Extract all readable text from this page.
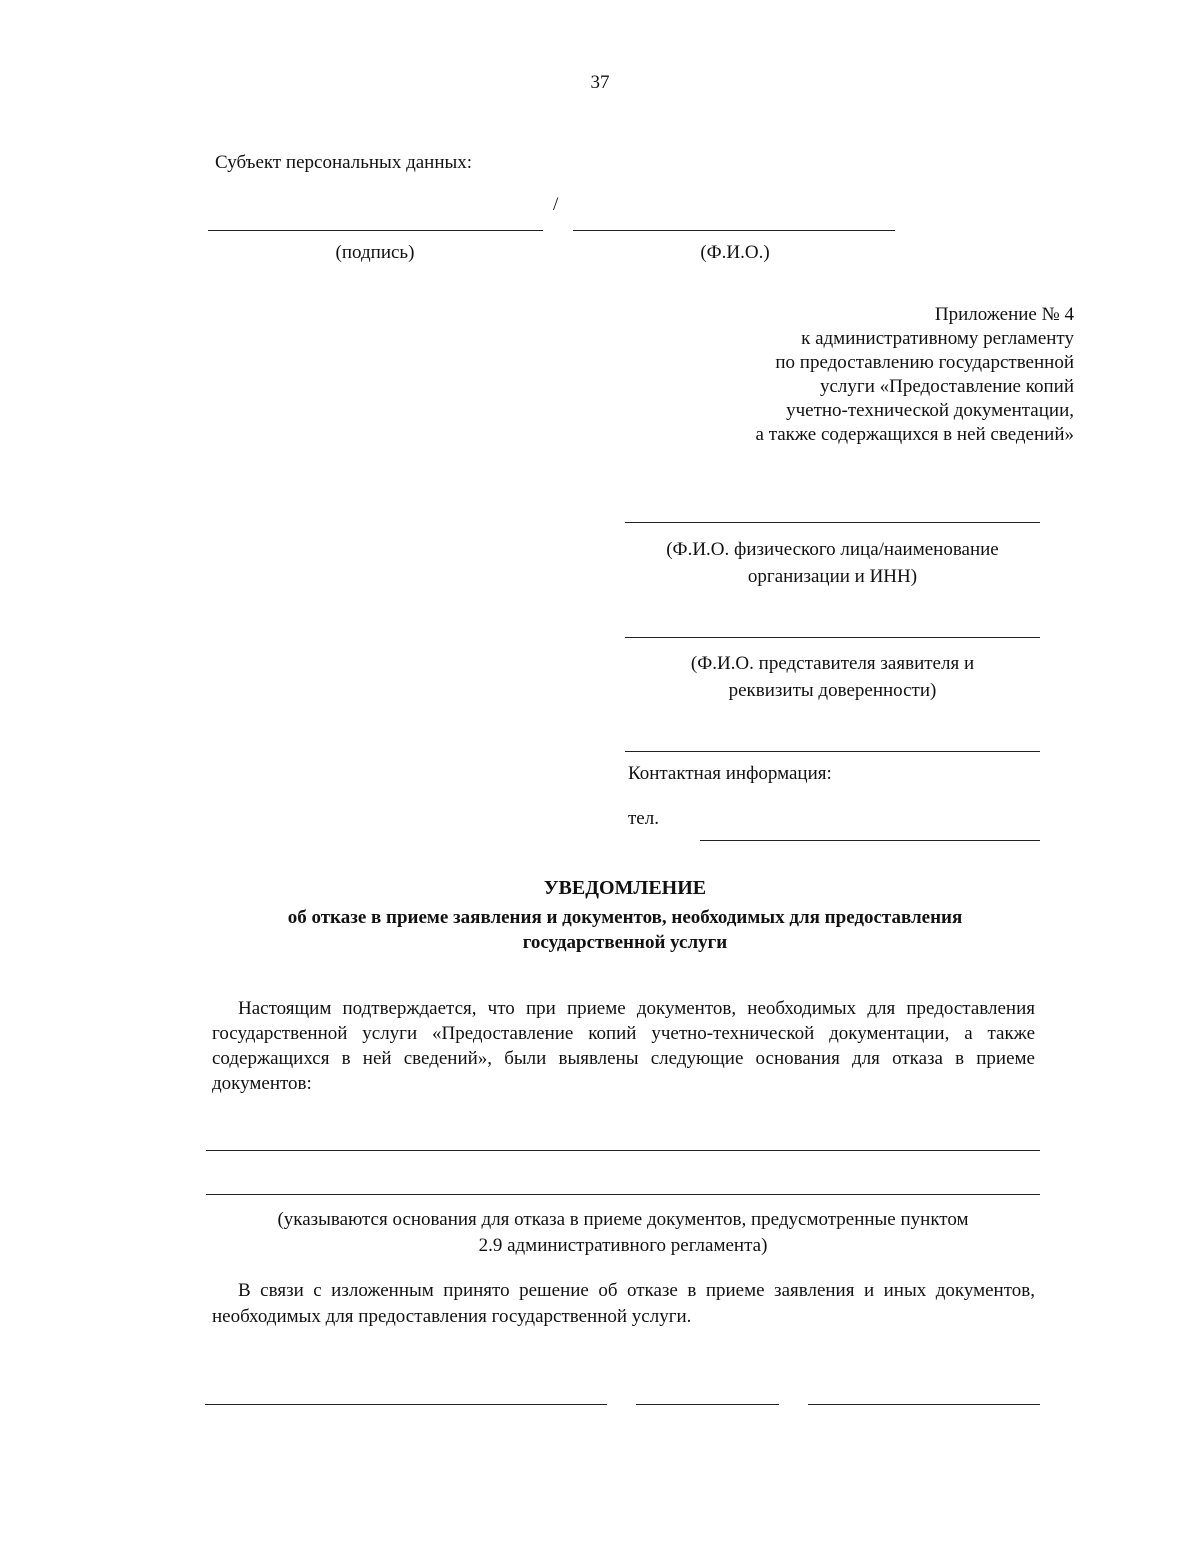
37
Субъект персональных данных:
/
(подпись)	(Ф.И.О.)
Приложение № 4
к административному регламенту
по предоставлению государственной
услуги «Предоставление копий
учетно-технической документации,
а также содержащихся в ней сведений»
(Ф.И.О. физического лица/наименование
организации и ИНН)
(Ф.И.О. представителя заявителя и
реквизиты доверенности)
Контактная информация:
тел.
УВЕДОМЛЕНИЕ
об отказе в приеме заявления и документов, необходимых для предоставления
государственной услуги
Настоящим подтверждается, что при приеме документов, необходимых для предоставления государственной услуги «Предоставление копий учетно-технической документации, а также содержащихся в ней сведений», были выявлены следующие основания для отказа в приеме документов:
(указываются основания для отказа в приеме документов, предусмотренные пунктом
2.9 административного регламента)
В связи с изложенным принято решение об отказе в приеме заявления и иных документов, необходимых для предоставления государственной услуги.
